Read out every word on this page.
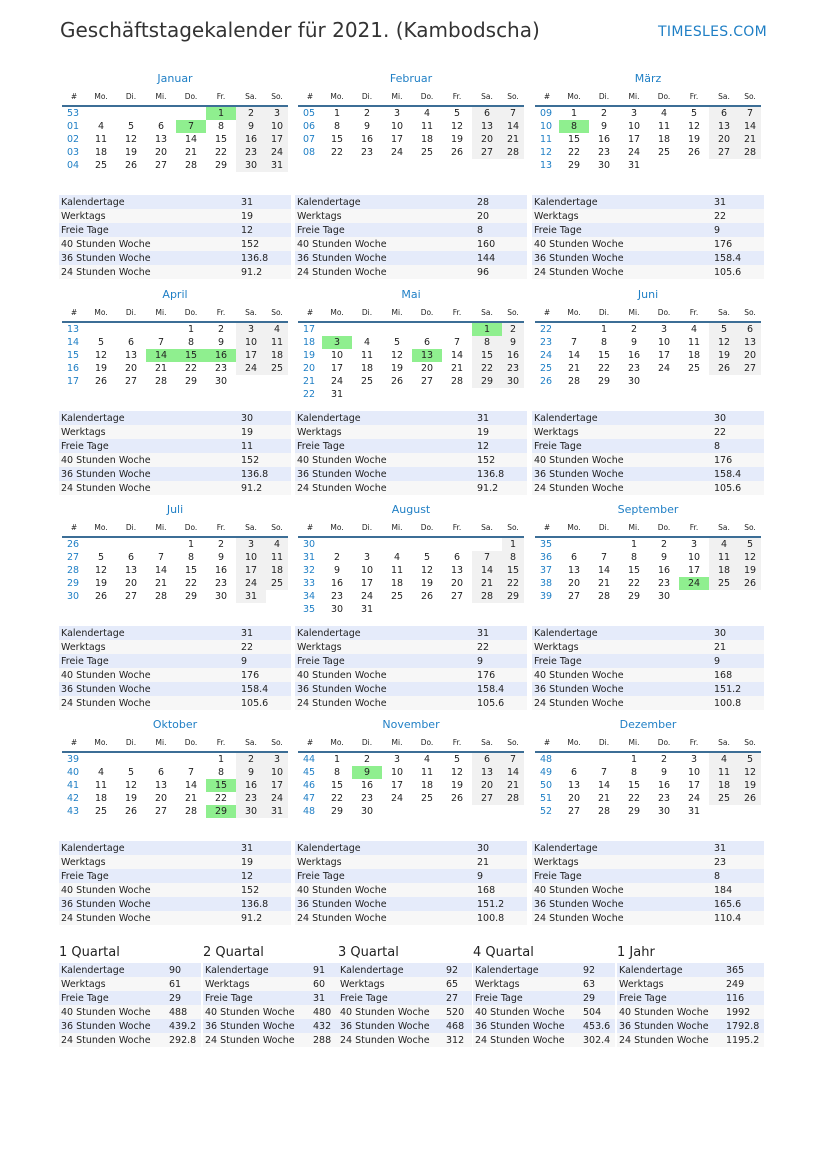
Geschäftstagekalender für 2021. (Kambodscha)	TIMESLES.COM
Januar
#	Mo.	Di.	Mi.	Do.	Fr.	Sa.	So.
53					1	2	3
01	4	5	6	7	8	9	10
02	11	12	13	14	15	16	17
03	18	19	20	21	22	23	24
04	25	26	27	28	29	30	31
Kalendertage	31
Werktags	19
Freie Tage	12
40 Stunden Woche	152
36 Stunden Woche	136.8
24 Stunden Woche	91.2
Februar
#	Mo.	Di.	Mi.	Do.	Fr.	Sa.	So.
05	1	2	3	4	5	6	7
06	8	9	10	11	12	13	14
07	15	16	17	18	19	20	21
08	22	23	24	25	26	27	28
Kalendertage	28
Werktags	20
Freie Tage	8
40 Stunden Woche	160
36 Stunden Woche	144
24 Stunden Woche	96
März
#	Mo.	Di.	Mi.	Do.	Fr.	Sa.	So.
09	1	2	3	4	5	6	7
10	8	9	10	11	12	13	14
11	15	16	17	18	19	20	21
12	22	23	24	25	26	27	28
13	29	30	31				
Kalendertage	31
Werktags	22
Freie Tage	9
40 Stunden Woche	176
36 Stunden Woche	158.4
24 Stunden Woche	105.6
April
#	Mo.	Di.	Mi.	Do.	Fr.	Sa.	So.
13				1	2	3	4
14	5	6	7	8	9	10	11
15	12	13	14	15	16	17	18
16	19	20	21	22	23	24	25
17	26	27	28	29	30		
Kalendertage	30
Werktags	19
Freie Tage	11
40 Stunden Woche	152
36 Stunden Woche	136.8
24 Stunden Woche	91.2
Mai
#	Mo.	Di.	Mi.	Do.	Fr.	Sa.	So.
17						1	2
18	3	4	5	6	7	8	9
19	10	11	12	13	14	15	16
20	17	18	19	20	21	22	23
21	24	25	26	27	28	29	30
22	31						
Kalendertage	31
Werktags	19
Freie Tage	12
40 Stunden Woche	152
36 Stunden Woche	136.8
24 Stunden Woche	91.2
Juni
#	Mo.	Di.	Mi.	Do.	Fr.	Sa.	So.
22		1	2	3	4	5	6
23	7	8	9	10	11	12	13
24	14	15	16	17	18	19	20
25	21	22	23	24	25	26	27
26	28	29	30				
Kalendertage	30
Werktags	22
Freie Tage	8
40 Stunden Woche	176
36 Stunden Woche	158.4
24 Stunden Woche	105.6
Juli
#	Mo.	Di.	Mi.	Do.	Fr.	Sa.	So.
26				1	2	3	4
27	5	6	7	8	9	10	11
28	12	13	14	15	16	17	18
29	19	20	21	22	23	24	25
30	26	27	28	29	30	31	
Kalendertage	31
Werktags	22
Freie Tage	9
40 Stunden Woche	176
36 Stunden Woche	158.4
24 Stunden Woche	105.6
August
#	Mo.	Di.	Mi.	Do.	Fr.	Sa.	So.
30							1
31	2	3	4	5	6	7	8
32	9	10	11	12	13	14	15
33	16	17	18	19	20	21	22
34	23	24	25	26	27	28	29
35	30	31					
Kalendertage	31
Werktags	22
Freie Tage	9
40 Stunden Woche	176
36 Stunden Woche	158.4
24 Stunden Woche	105.6
September
#	Mo.	Di.	Mi.	Do.	Fr.	Sa.	So.
35			1	2	3	4	5
36	6	7	8	9	10	11	12
37	13	14	15	16	17	18	19
38	20	21	22	23	24	25	26
39	27	28	29	30			
Kalendertage	30
Werktags	21
Freie Tage	9
40 Stunden Woche	168
36 Stunden Woche	151.2
24 Stunden Woche	100.8
Oktober
#	Mo.	Di.	Mi.	Do.	Fr.	Sa.	So.
39					1	2	3
40	4	5	6	7	8	9	10
41	11	12	13	14	15	16	17
42	18	19	20	21	22	23	24
43	25	26	27	28	29	30	31
Kalendertage	31
Werktags	19
Freie Tage	12
40 Stunden Woche	152
36 Stunden Woche	136.8
24 Stunden Woche	91.2
November
#	Mo.	Di.	Mi.	Do.	Fr.	Sa.	So.
44	1	2	3	4	5	6	7
45	8	9	10	11	12	13	14
46	15	16	17	18	19	20	21
47	22	23	24	25	26	27	28
48	29	30					
Kalendertage	30
Werktags	21
Freie Tage	9
40 Stunden Woche	168
36 Stunden Woche	151.2
24 Stunden Woche	100.8
Dezember
#	Mo.	Di.	Mi.	Do.	Fr.	Sa.	So.
48			1	2	3	4	5
49	6	7	8	9	10	11	12
50	13	14	15	16	17	18	19
51	20	21	22	23	24	25	26
52	27	28	29	30	31		
Kalendertage	31
Werktags	23
Freie Tage	8
40 Stunden Woche	184
36 Stunden Woche	165.6
24 Stunden Woche	110.4
1 Quartal
Kalendertage	90
Werktags	61
Freie Tage	29
40 Stunden Woche	488
36 Stunden Woche	439.2
24 Stunden Woche	292.8
2 Quartal
Kalendertage	91
Werktags	60
Freie Tage	31
40 Stunden Woche	480
36 Stunden Woche	432
24 Stunden Woche	288
3 Quartal
Kalendertage	92
Werktags	65
Freie Tage	27
40 Stunden Woche	520
36 Stunden Woche	468
24 Stunden Woche	312
4 Quartal
Kalendertage	92
Werktags	63
Freie Tage	29
40 Stunden Woche	504
36 Stunden Woche	453.6
24 Stunden Woche	302.4
1 Jahr
Kalendertage	365
Werktags	249
Freie Tage	116
40 Stunden Woche	1992
36 Stunden Woche	1792.8
24 Stunden Woche	1195.2
